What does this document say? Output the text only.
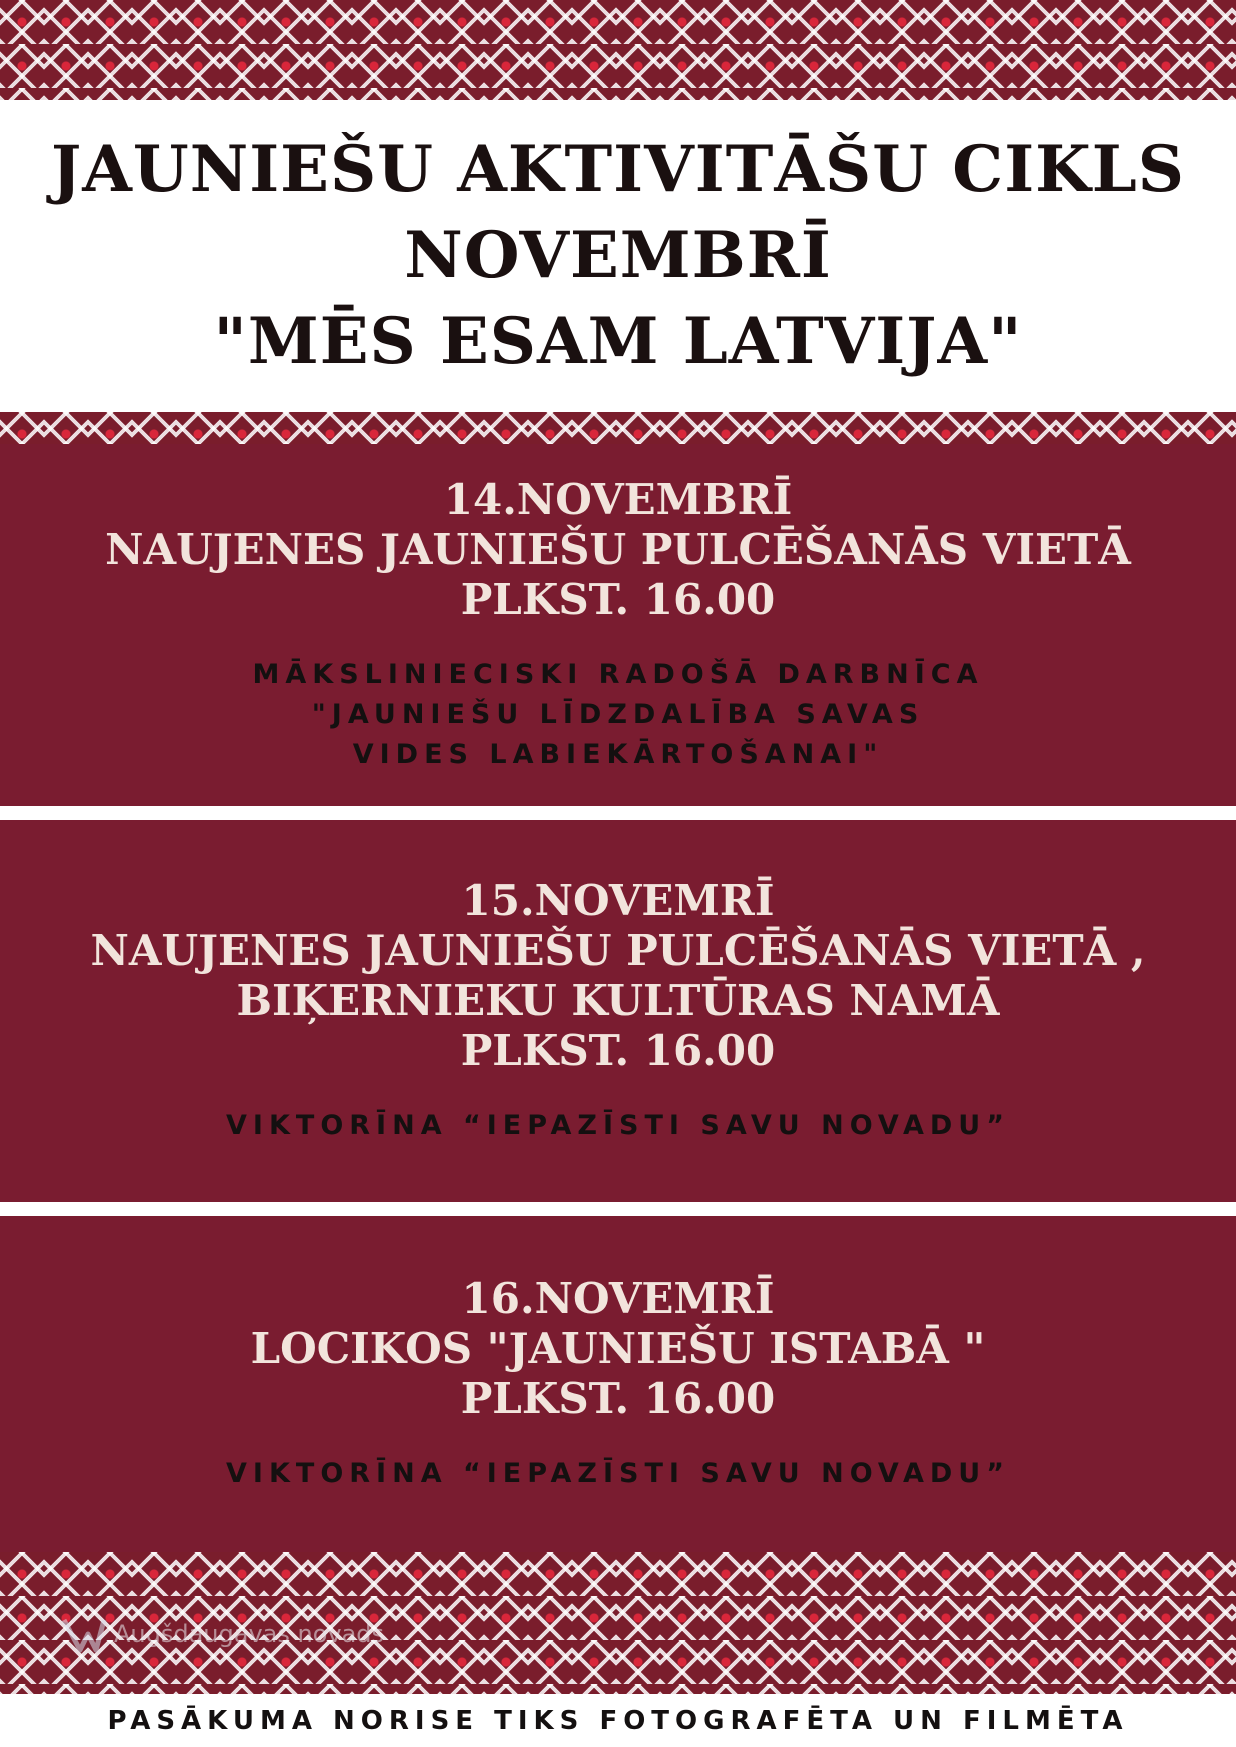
JAUNIEŠU AKTIVITĀŠU CIKLS
NOVEMBRĪ
"MĒS ESAM LATVIJA"
14.NOVEMBRĪ
NAUJENES JAUNIEŠU PULCĒŠANĀS VIETĀ
PLKST. 16.00
MĀKSLINIECISKI RADOŠĀ DARBNĪCA
"JAUNIEŠU LĪDZDALĪBA SAVAS
VIDES LABIEKĀRTOŠANAI"
15.NOVEMRĪ
NAUJENES JAUNIEŠU PULCĒŠANĀS VIETĀ ,
BIĶERNIEKU KULTŪRAS NAMĀ
PLKST. 16.00
VIKTORĪNA “IEPAZĪSTI SAVU NOVADU”
16.NOVEMRĪ
LOCIKOS "JAUNIEŠU ISTABĀ "
PLKST. 16.00
VIKTORĪNA “IEPAZĪSTI SAVU NOVADU”
Augšdaugavas novads
PASĀKUMA NORISE TIKS FOTOGRAFĒTA UN FILMĒTA
